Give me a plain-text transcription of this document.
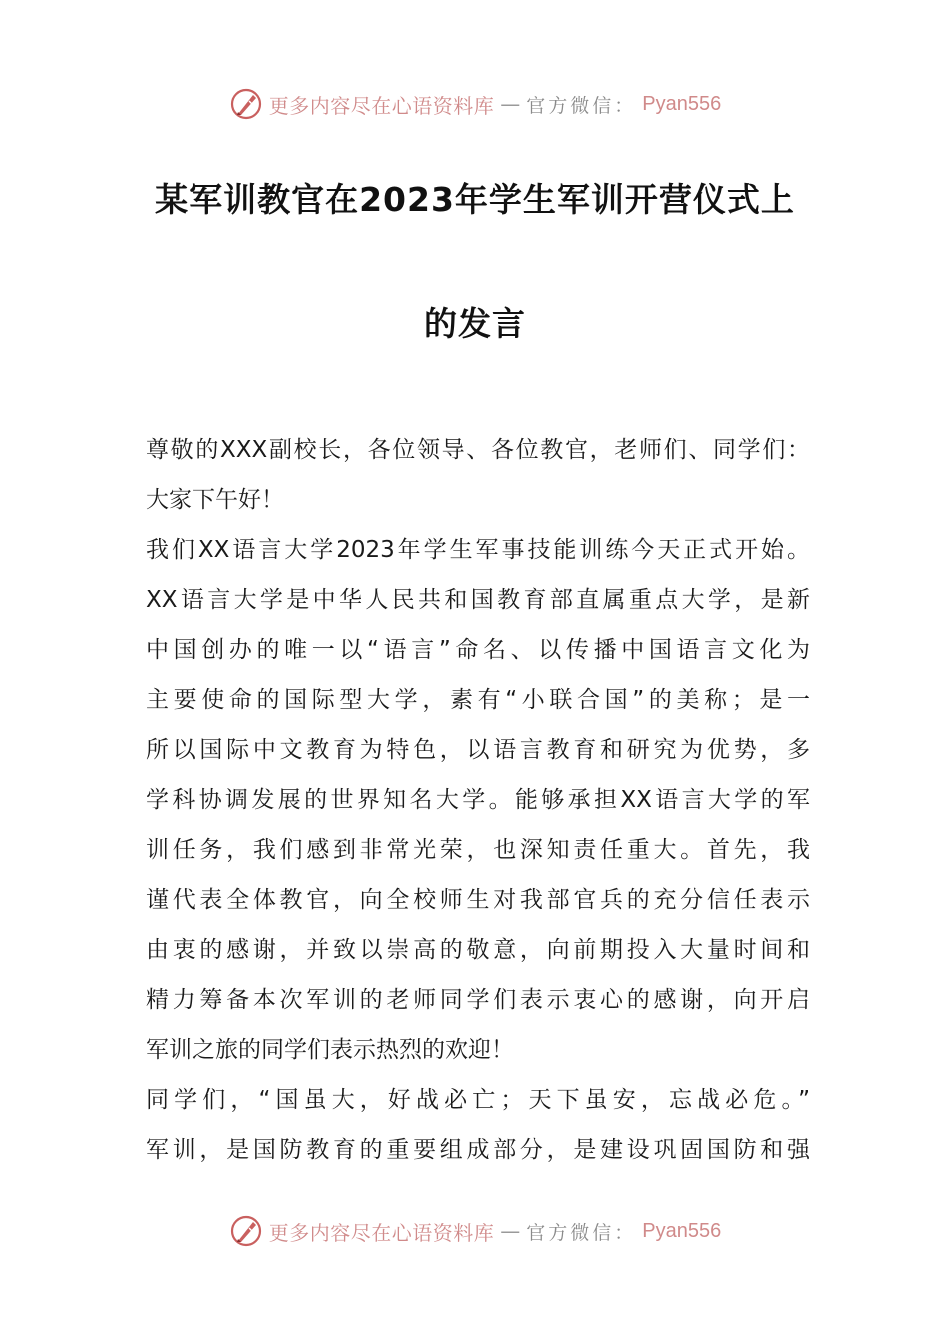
更多内容尽在心语资料库 — 官方微信： Pyan556
某军训教官在2023年学生军训开营仪式上
的发言
尊敬的XXX副校长，各位领导、各位教官，老师们、同学们：
大家下午好！
我们XX语言大学2023年学生军事技能训练今天正式开始。
XX语言大学是中华人民共和国教育部直属重点大学，是新
中国创办的唯一以“语言”命名、以传播中国语言文化为
主要使命的国际型大学，素有“小联合国”的美称；是一
所以国际中文教育为特色，以语言教育和研究为优势，多
学科协调发展的世界知名大学。能够承担XX语言大学的军
训任务，我们感到非常光荣，也深知责任重大。首先，我
谨代表全体教官，向全校师生对我部官兵的充分信任表示
由衷的感谢，并致以崇高的敬意，向前期投入大量时间和
精力筹备本次军训的老师同学们表示衷心的感谢，向开启
军训之旅的同学们表示热烈的欢迎！
同学们，“国虽大，好战必亡；天下虽安，忘战必危。”
军训，是国防教育的重要组成部分，是建设巩固国防和强
更多内容尽在心语资料库 — 官方微信： Pyan556
